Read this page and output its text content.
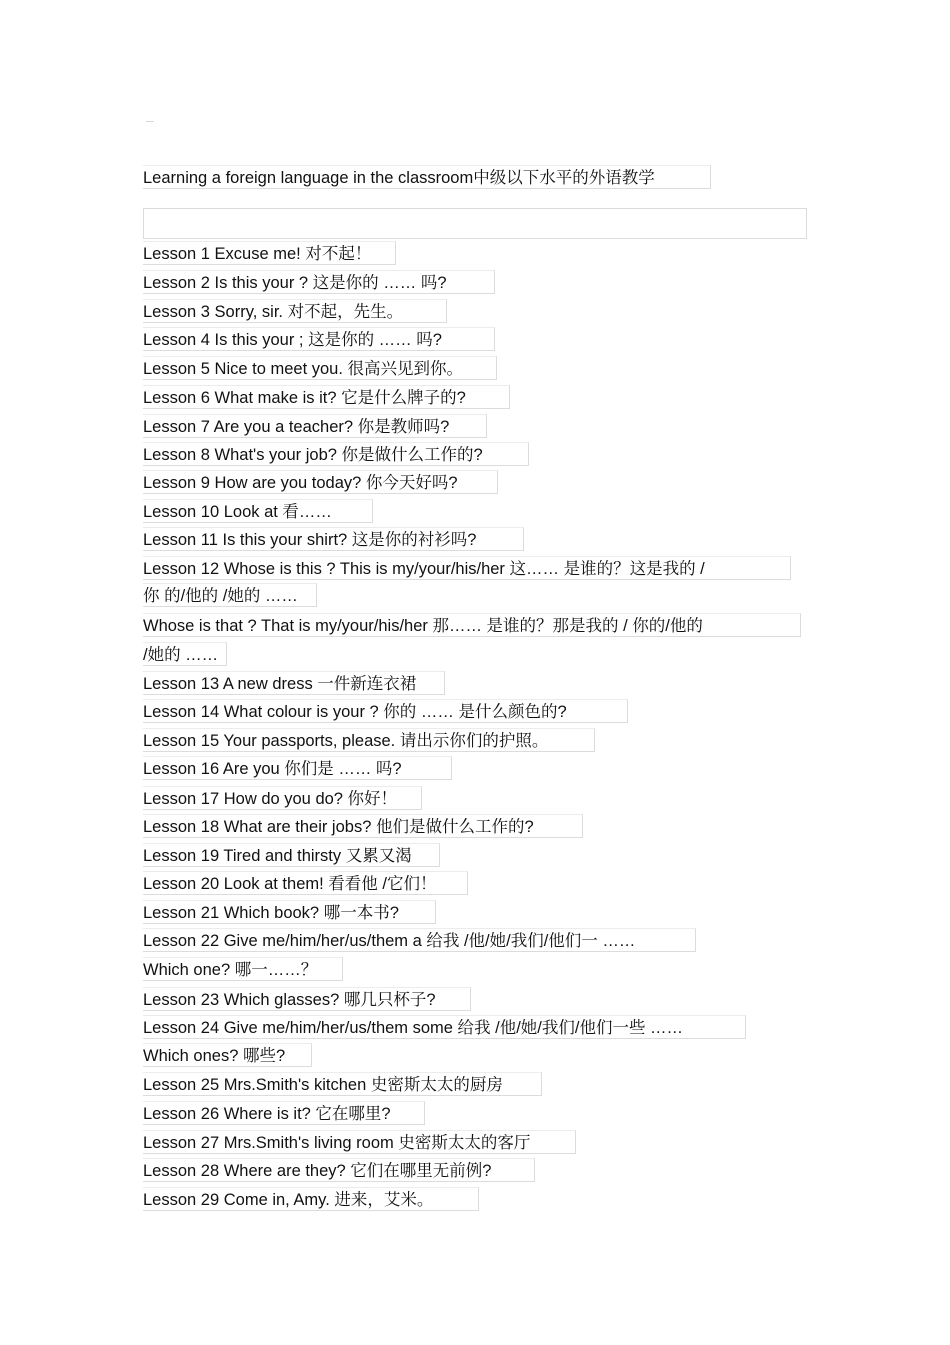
Learning a foreign language in the classroom中级以下水平的外语教学
Lesson 1 Excuse me! 对不起！
Lesson 2 Is this your ? 这是你的 …… 吗?
Lesson 3 Sorry, sir. 对不起，先生。
Lesson 4 Is this your ; 这是你的 …… 吗?
Lesson 5 Nice to meet you. 很高兴见到你。
Lesson 6 What make is it? 它是什么牌子的?
Lesson 7 Are you a teacher? 你是教师吗?
Lesson 8 What's your job? 你是做什么工作的?
Lesson 9 How are you today? 你今天好吗?
Lesson 10 Look at 看……
Lesson 11 Is this your shirt? 这是你的衬衫吗?
Lesson 12 Whose is this ? This is my/your/his/her 这…… 是谁的？这是我的 /
你 的/他的 /她的 ……
Whose is that ? That is my/your/his/her 那…… 是谁的？那是我的 / 你的/他的
/她的 ……
Lesson 13 A new dress 一件新连衣裙
Lesson 14 What colour is your ? 你的 …… 是什么颜色的?
Lesson 15 Your passports, please. 请出示你们的护照。
Lesson 16 Are you 你们是 …… 吗?
Lesson 17 How do you do? 你好！
Lesson 18 What are their jobs? 他们是做什么工作的?
Lesson 19 Tired and thirsty 又累又渴
Lesson 20 Look at them! 看看他 /它们！
Lesson 21 Which book? 哪一本书?
Lesson 22 Give me/him/her/us/them a 给我 /他/她/我们/他们一 ……
Which one? 哪一……？
Lesson 23 Which glasses? 哪几只杯子?
Lesson 24 Give me/him/her/us/them some 给我 /他/她/我们/他们一些 ……
Which ones? 哪些?
Lesson 25 Mrs.Smith's kitchen 史密斯太太的厨房
Lesson 26 Where is it? 它在哪里?
Lesson 27 Mrs.Smith's living room 史密斯太太的客厅
Lesson 28 Where are they? 它们在哪里无前例?
Lesson 29 Come in, Amy. 进来，艾米。
